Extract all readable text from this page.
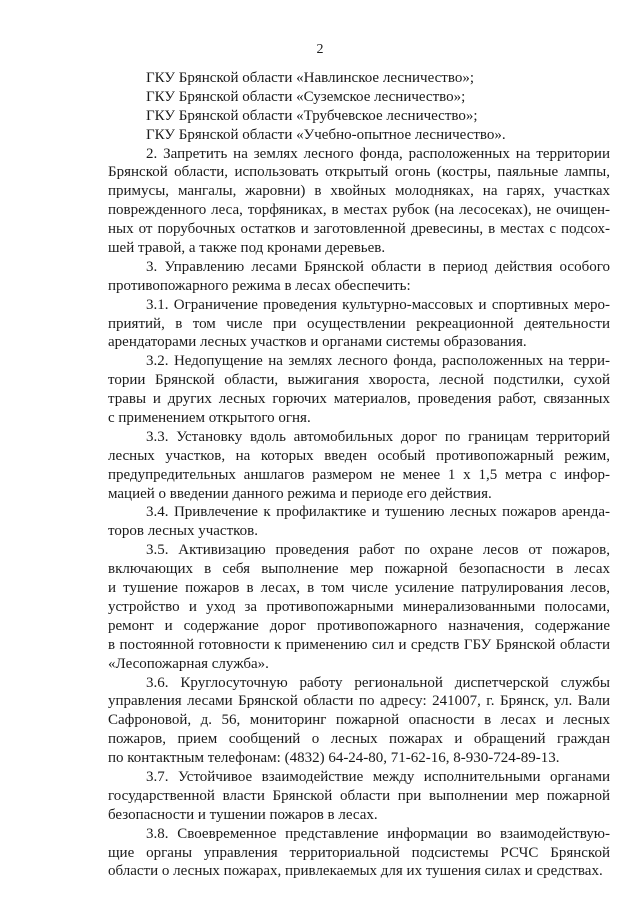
2
ГКУ Брянской области «Навлинское лесничество»;
ГКУ Брянской области «Суземское лесничество»;
ГКУ Брянской области «Трубчевское лесничество»;
ГКУ Брянской области «Учебно-опытное лесничество».
2. Запретить на землях лесного фонда, расположенных на территории
Брянской области, использовать открытый огонь (костры, паяльные лампы,
примусы, мангалы, жаровни) в хвойных молодняках, на гарях, участках
поврежденного леса, торфяниках, в местах рубок (на лесосеках), не очищен-
ных от порубочных остатков и заготовленной древесины, в местах с подсох-
шей травой, а также под кронами деревьев.
3. Управлению лесами Брянской области в период действия особого
противопожарного режима в лесах обеспечить:
3.1. Ограничение проведения культурно-массовых и спортивных меро-
приятий, в том числе при осуществлении рекреационной деятельности
арендаторами лесных участков и органами системы образования.
3.2. Недопущение на землях лесного фонда, расположенных на терри-
тории Брянской области, выжигания хвороста, лесной подстилки, сухой
травы и других лесных горючих материалов, проведения работ, связанных
с применением открытого огня.
3.3. Установку вдоль автомобильных дорог по границам территорий
лесных участков, на которых введен особый противопожарный режим,
предупредительных аншлагов размером не менее 1 х 1,5 метра с инфор-
мацией о введении данного режима и периоде его действия.
3.4. Привлечение к профилактике и тушению лесных пожаров аренда-
торов лесных участков.
3.5. Активизацию проведения работ по охране лесов от пожаров,
включающих в себя выполнение мер пожарной безопасности в лесах
и тушение пожаров в лесах, в том числе усиление патрулирования лесов,
устройство и уход за противопожарными минерализованными полосами,
ремонт и содержание дорог противопожарного назначения, содержание
в постоянной готовности к применению сил и средств ГБУ Брянской области
«Лесопожарная служба».
3.6. Круглосуточную работу региональной диспетчерской службы
управления лесами Брянской области по адресу: 241007, г. Брянск, ул. Вали
Сафроновой, д. 56, мониторинг пожарной опасности в лесах и лесных
пожаров, прием сообщений о лесных пожарах и обращений граждан
по контактным телефонам: (4832) 64-24-80, 71-62-16, 8-930-724-89-13.
3.7. Устойчивое взаимодействие между исполнительными органами
государственной власти Брянской области при выполнении мер пожарной
безопасности и тушении пожаров в лесах.
3.8. Своевременное представление информации во взаимодействую-
щие органы управления территориальной подсистемы РСЧС Брянской
области о лесных пожарах, привлекаемых для их тушения силах и средствах.
